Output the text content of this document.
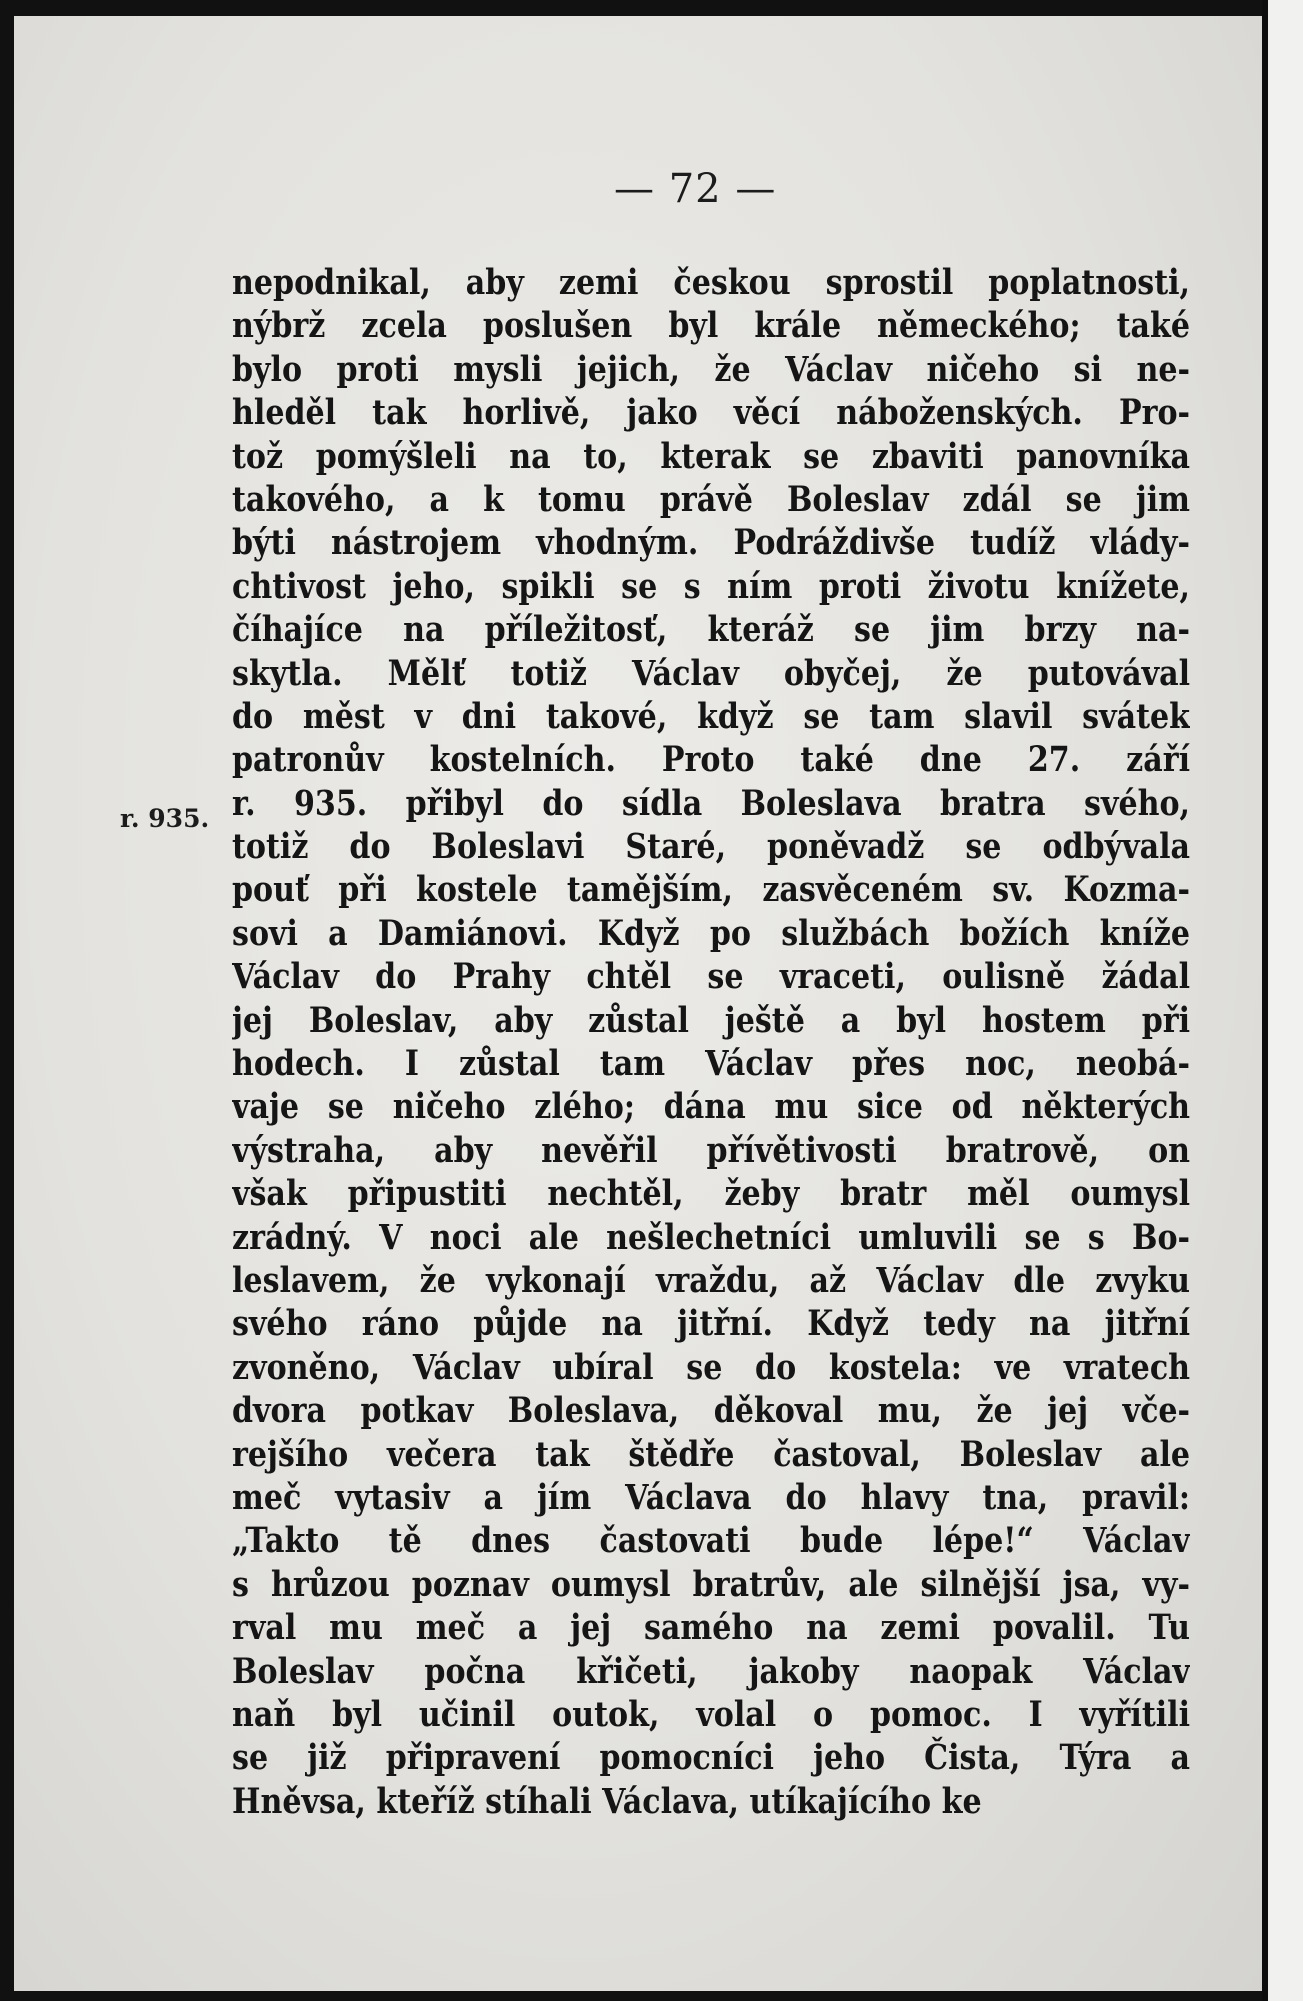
— 72 —
r. 935.
nepodnikal, aby zemi českou sprostil poplatnosti,
nýbrž zcela poslušen byl krále německého; také
bylo proti mysli jejich, že Václav ničeho si ne-
hleděl tak horlivě, jako věcí náboženských. Pro-
tož pomýšleli na to, kterak se zbaviti panovníka
takového, a k tomu právě Boleslav zdál se jim
býti nástrojem vhodným. Podráždivše tudíž vlády-
chtivost jeho, spikli se s ním proti životu knížete,
číhajíce na příležitosť, kteráž se jim brzy na-
skytla. Mělť totiž Václav obyčej, že putovával
do měst v dni takové, když se tam slavil svátek
patronův kostelních. Proto také dne 27. září
r. 935. přibyl do sídla Boleslava bratra svého,
totiž do Boleslavi Staré, poněvadž se odbývala
pouť při kostele tamějším, zasvěceném sv. Kozma-
sovi a Damiánovi. Když po službách božích kníže
Václav do Prahy chtěl se vraceti, oulisně žádal
jej Boleslav, aby zůstal ještě a byl hostem při
hodech. I zůstal tam Václav přes noc, neobá-
vaje se ničeho zlého; dána mu sice od některých
výstraha, aby nevěřil přívětivosti bratrově, on
však připustiti nechtěl, žeby bratr měl oumysl
zrádný. V noci ale nešlechetníci umluvili se s Bo-
leslavem, že vykonají vraždu, až Václav dle zvyku
svého ráno půjde na jitřní. Když tedy na jitřní
zvoněno, Václav ubíral se do kostela: ve vratech
dvora potkav Boleslava, děkoval mu, že jej vče-
rejšího večera tak štědře častoval, Boleslav ale
meč vytasiv a jím Václava do hlavy tna, pravil:
„Takto tě dnes častovati bude lépe!“ Václav
s hrůzou poznav oumysl bratrův, ale silnější jsa, vy-
rval mu meč a jej samého na zemi povalil. Tu
Boleslav počna křičeti, jakoby naopak Václav
naň byl učinil outok, volal o pomoc. I vyřítili
se již připravení pomocníci jeho Čista, Týra a
Hněvsa, kteříž stíhali Václava, utíkajícího ke
